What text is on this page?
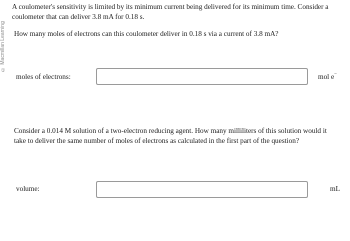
© Macmillan Learning
A coulometer's sensitivity is limited by its minimum current being delivered for its minimum time. Consider a coulometer that can deliver 3.8 mA for 0.18 s.
How many moles of electrons can this coulometer deliver in 0.18 s via a current of 3.8 mA?
moles of electrons:	mol e−
Consider a 0.014 M solution of a two-electron reducing agent. How many milliliters of this solution would it take to deliver the same number of moles of electrons as calculated in the first part of the question?
volume:	mL
